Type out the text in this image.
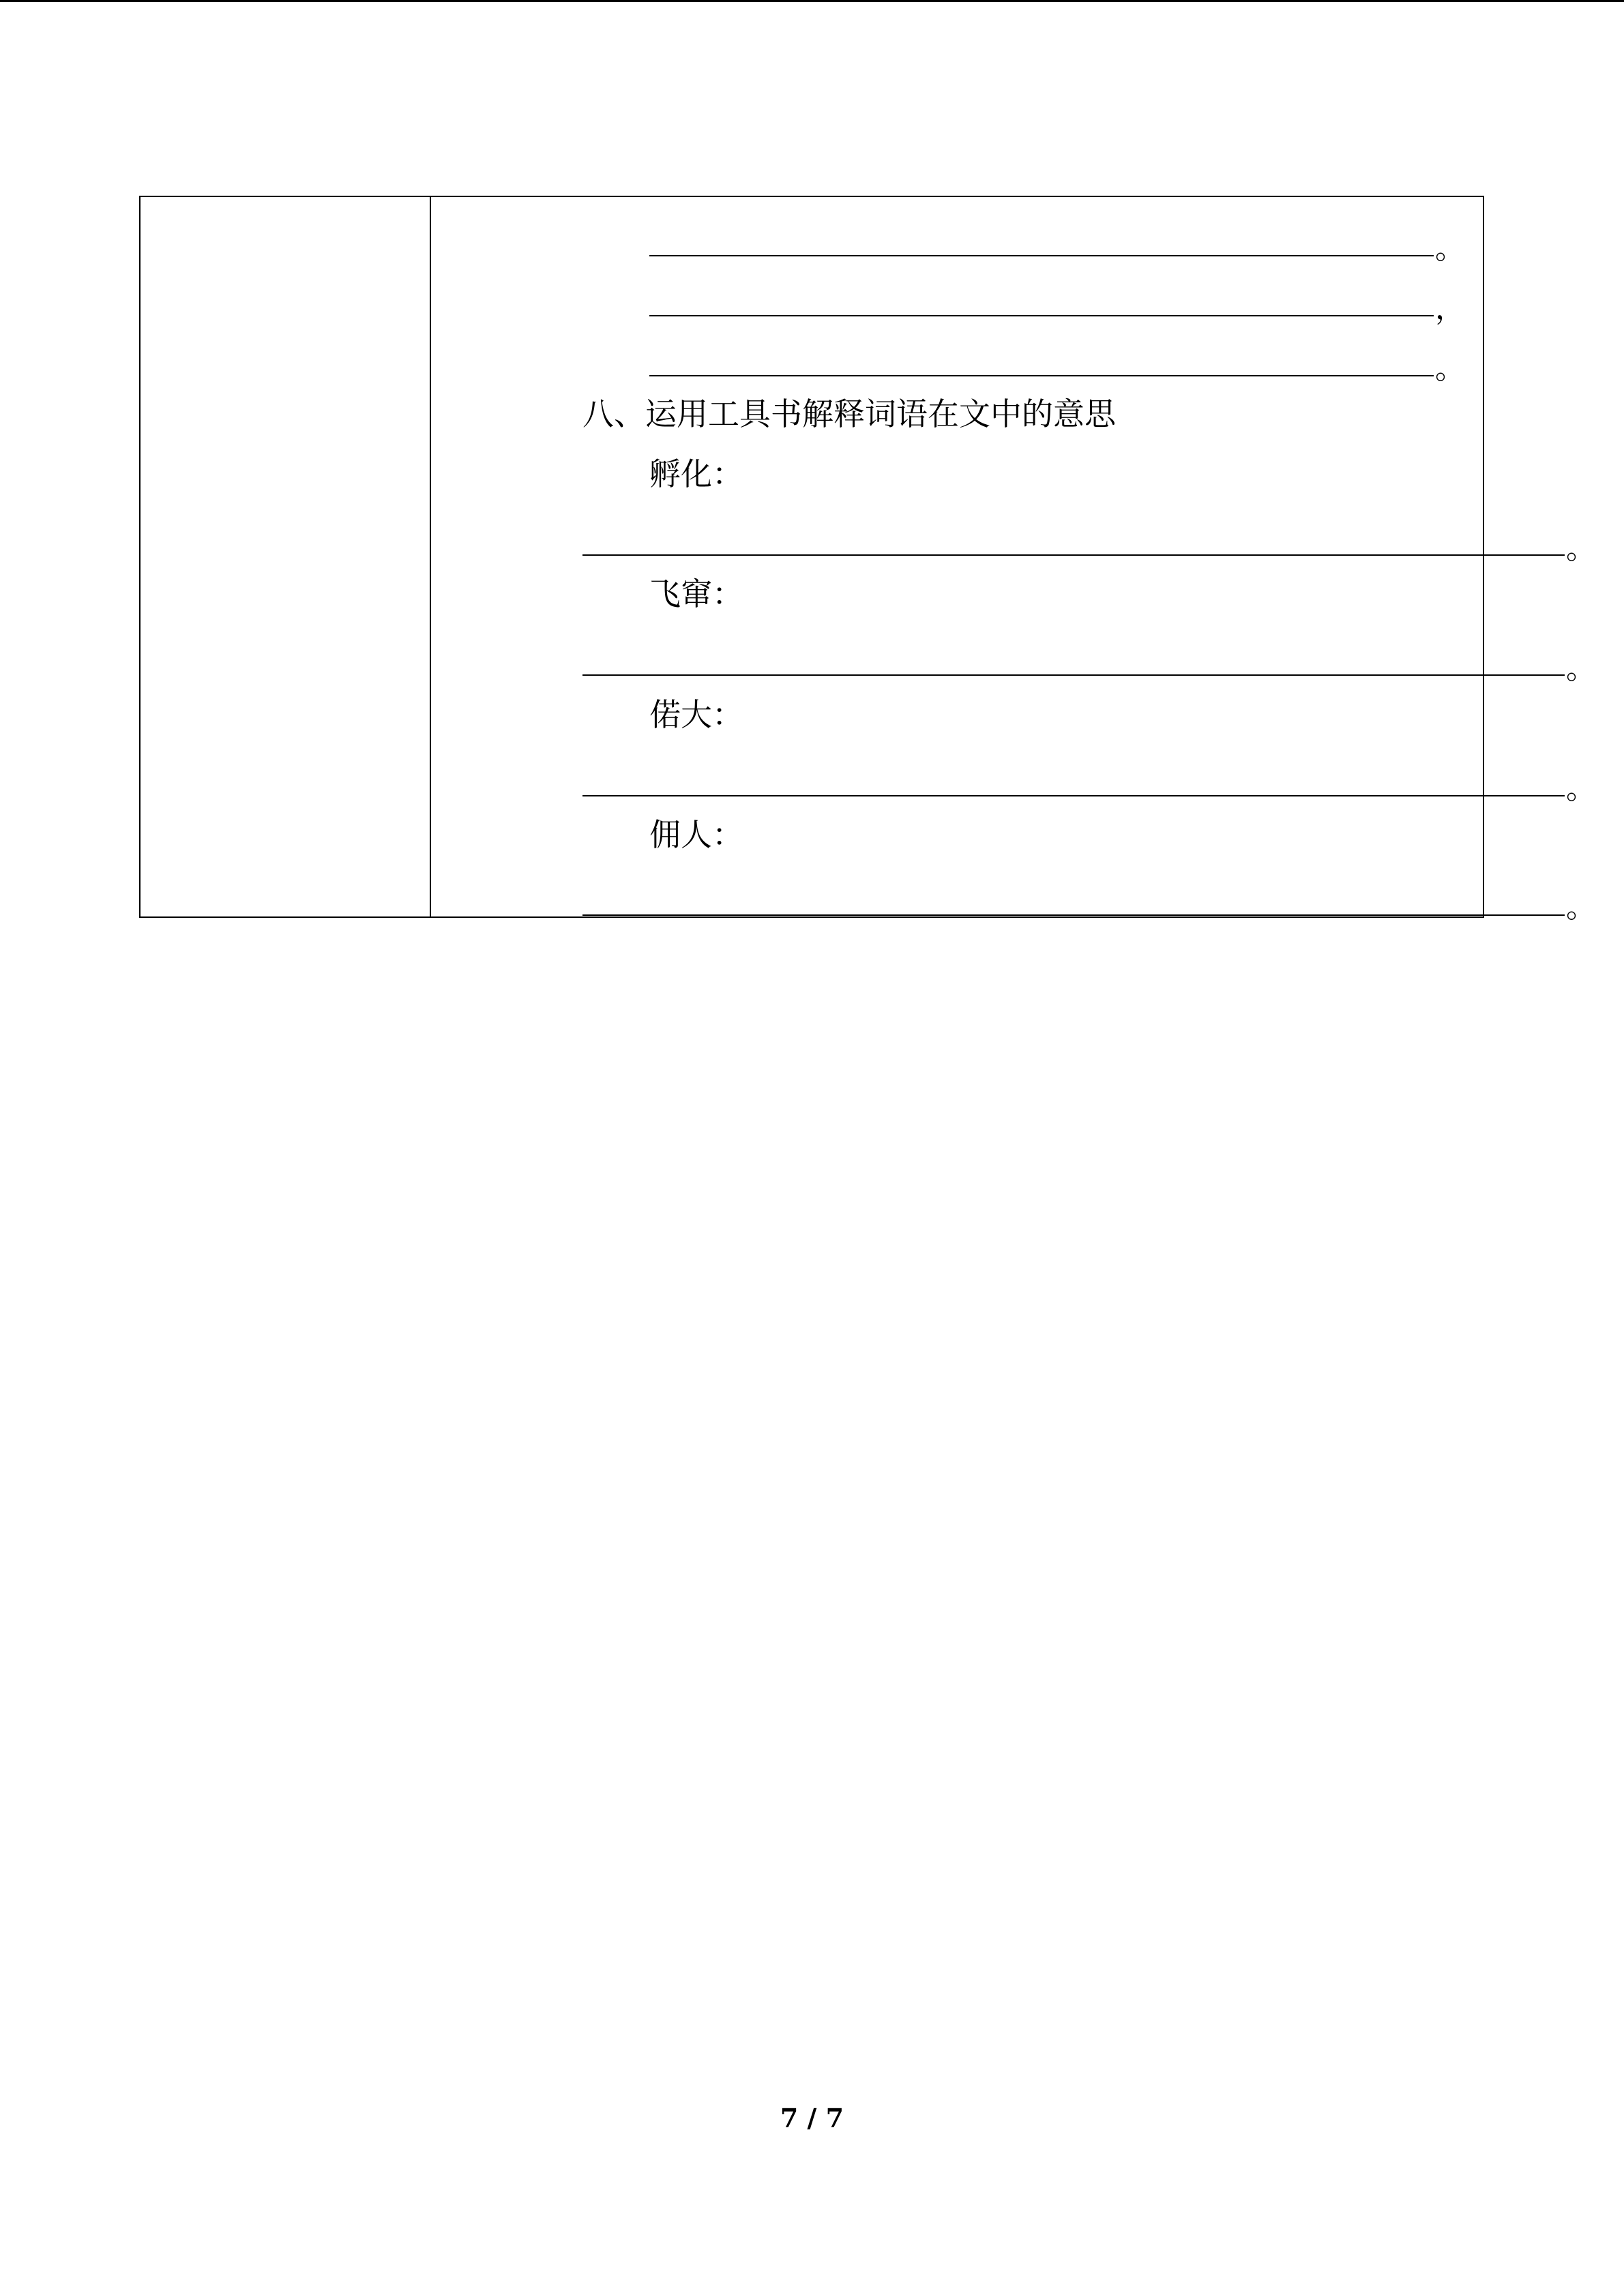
。
，
。
八、运用工具书解释词语在文中的意思
孵化：
。
飞窜：
。
偌大：
。
佣人：
。
7 / 7
